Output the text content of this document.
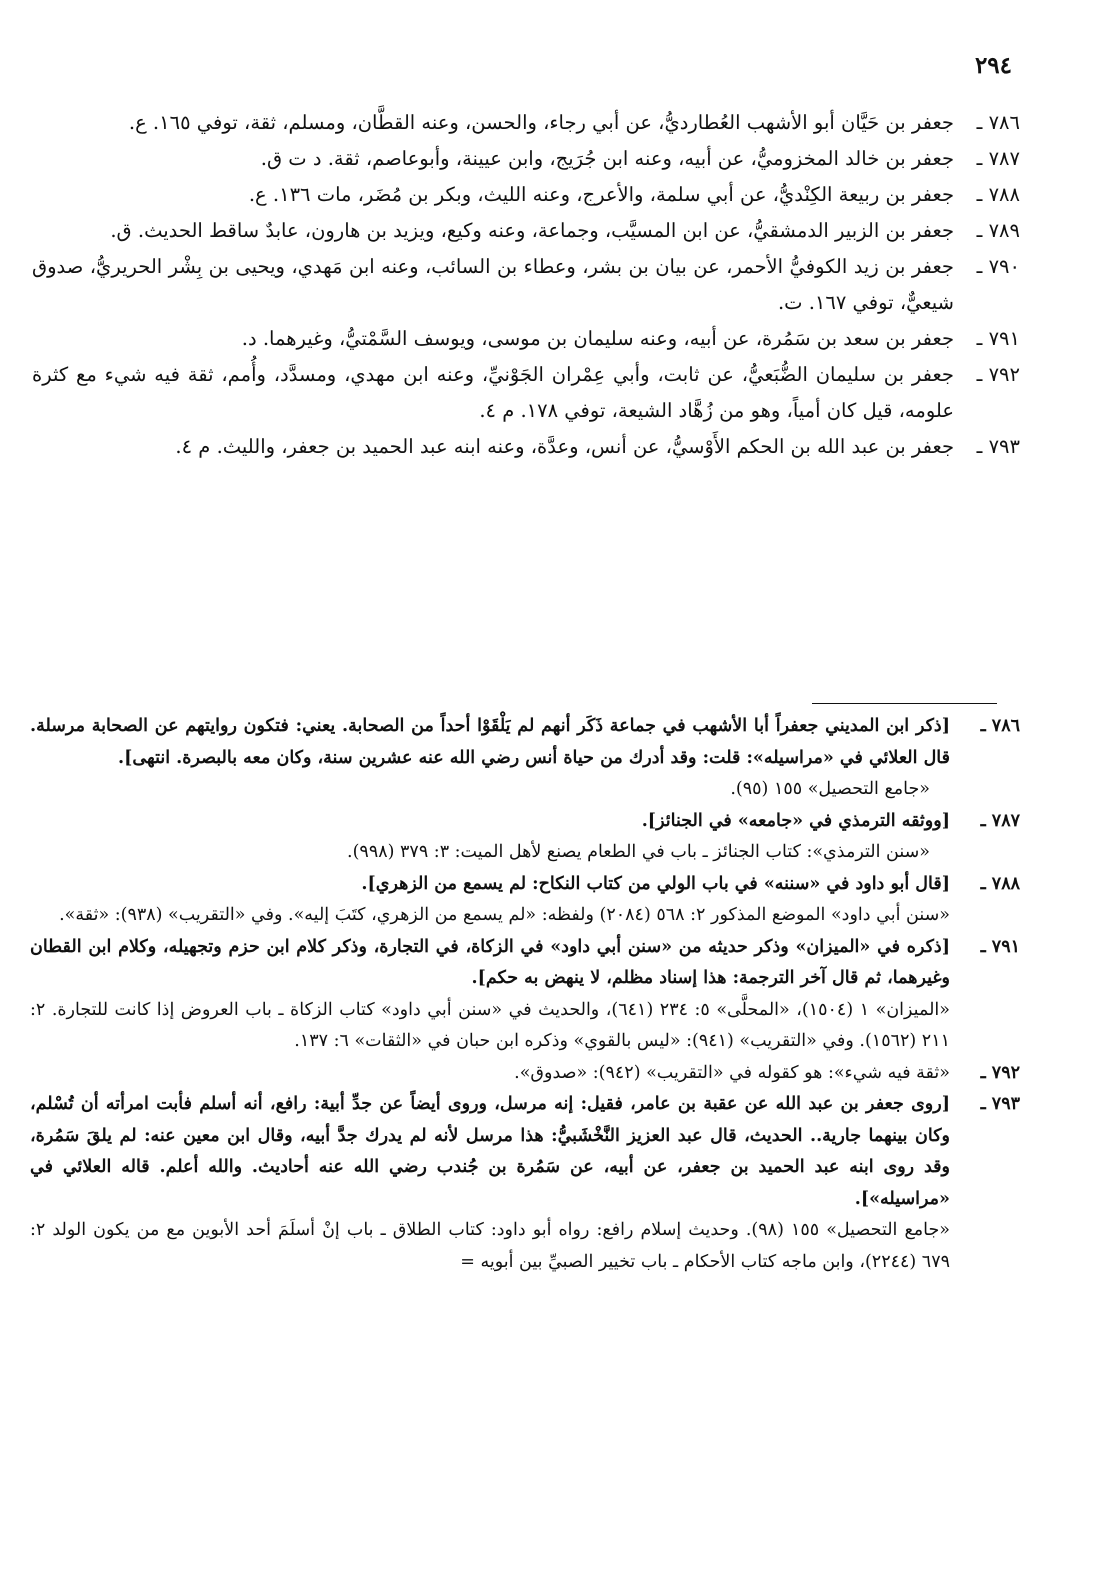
٢٩٤
٧٨٦ ـ
جعفر بن حَيَّان أبو الأشهب العُطارديُّ، عن أبي رجاء، والحسن، وعنه القطَّان، ومسلم، ثقة، توفي ١٦٥. ع.
٧٨٧ ـ
جعفر بن خالد المخزوميُّ، عن أبيه، وعنه ابن جُرَيج، وابن عيينة، وأبوعاصم، ثقة. د ت ق.
٧٨٨ ـ
جعفر بن ربيعة الكِنْديُّ، عن أبي سلمة، والأعرج، وعنه الليث، وبكر بن مُضَر، مات ١٣٦. ع.
٧٨٩ ـ
جعفر بن الزبير الدمشقيُّ، عن ابن المسيَّب، وجماعة، وعنه وكيع، ويزيد بن هارون، عابدٌ ساقط الحديث. ق.
٧٩٠ ـ
جعفر بن زيد الكوفيُّ الأحمر، عن بيان بن بشر، وعطاء بن السائب، وعنه ابن مَهدي، ويحيى بن بِشْر الحريريُّ، صدوق شيعيٌّ، توفي ١٦٧. ت.
٧٩١ ـ
جعفر بن سعد بن سَمُرة، عن أبيه، وعنه سليمان بن موسى، ويوسف السَّمْتيُّ، وغيرهما. د.
٧٩٢ ـ
جعفر بن سليمان الضُّبَعيُّ، عن ثابت، وأبي عِمْران الجَوْنيِّ، وعنه ابن مهدي، ومسدَّد، وأُمم، ثقة فيه شيء مع كثرة علومه، قيل كان أمياً، وهو من زُهَّاد الشيعة، توفي ١٧٨. م ٤.
٧٩٣ ـ
جعفر بن عبد الله بن الحكم الأَوْسيُّ، عن أنس، وعدَّة، وعنه ابنه عبد الحميد بن جعفر، والليث. م ٤.
٧٨٦ ـ
[ذكر ابن المديني جعفراً أبا الأشهب في جماعة ذَكَر أنهم لم يَلْقَوْا أحداً من الصحابة. يعني: فتكون روايتهم عن الصحابة مرسلة. قال العلائي في «مراسيله»: قلت: وقد أدرك من حياة أنس رضي الله عنه عشرين سنة، وكان معه بالبصرة. انتهى].
«جامع التحصيل» ١٥٥ (٩٥).
٧٨٧ ـ
[ووثقه الترمذي في «جامعه» في الجنائز].
«سنن الترمذي»: كتاب الجنائز ـ باب في الطعام يصنع لأهل الميت: ٣: ٣٧٩ (٩٩٨).
٧٨٨ ـ
[قال أبو داود في «سننه» في باب الولي من كتاب النكاح: لم يسمع من الزهري].
«سنن أبي داود» الموضع المذكور ٢: ٥٦٨ (٢٠٨٤) ولفظه: «لم يسمع من الزهري، كتَبَ إليه». وفي «التقريب» (٩٣٨): «ثقة».
٧٩١ ـ
[ذكره في «الميزان» وذكر حديثه من «سنن أبي داود» في الزكاة، في التجارة، وذكر كلام ابن حزم وتجهيله، وكلام ابن القطان وغيرهما، ثم قال آخر الترجمة: هذا إسناد مظلم، لا ينهض به حكم].
«الميزان» ١ (١٥٠٤)، «المحلَّى» ٥: ٢٣٤ (٦٤١)، والحديث في «سنن أبي داود» كتاب الزكاة ـ باب العروض إذا كانت للتجارة. ٢: ٢١١ (١٥٦٢). وفي «التقريب» (٩٤١): «ليس بالقوي» وذكره ابن حبان في «الثقات» ٦: ١٣٧.
٧٩٢ ـ
«ثقة فيه شيء»: هو كقوله في «التقريب» (٩٤٢): «صدوق».
٧٩٣ ـ
[روى جعفر بن عبد الله عن عقبة بن عامر، فقيل: إنه مرسل، وروى أيضاً عن جدِّ أبية: رافع، أنه أسلم فأبت امرأته أن تُسْلم، وكان بينهما جارية.. الحديث، قال عبد العزيز النَّخْشَبيُّ: هذا مرسل لأنه لم يدرك جدَّ أبيه، وقال ابن معين عنه: لم يلقَ سَمُرة، وقد روى ابنه عبد الحميد بن جعفر، عن أبيه، عن سَمُرة بن جُندب رضي الله عنه أحاديث. والله أعلم. قاله العلائي في «مراسيله»].
«جامع التحصيل» ١٥٥ (٩٨). وحديث إسلام رافع: رواه أبو داود: كتاب الطلاق ـ باب إنْ أسلَمَ أحد الأبوين مع من يكون الولد ٢: ٦٧٩ (٢٢٤٤)، وابن ماجه كتاب الأحكام ـ باب تخيير الصبيِّ بين أبويه =
